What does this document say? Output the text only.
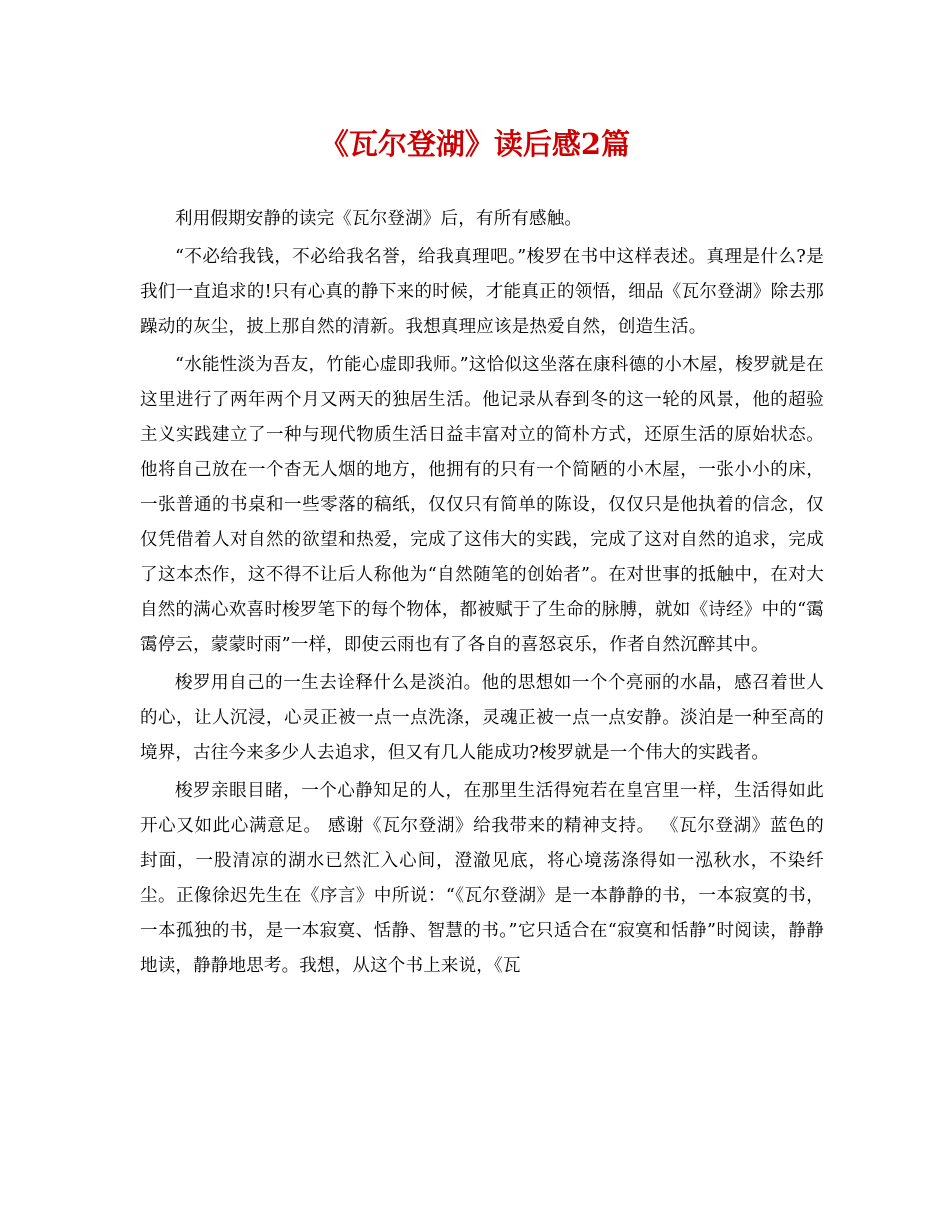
《瓦尔登湖》读后感2篇

利用假期安静的读完《瓦尔登湖》后，有所有感触。

“不必给我钱，不必给我名誉，给我真理吧。”梭罗在书中这样表述。真理是什么?是我们一直追求的!只有心真的静下来的时候，才能真正的领悟，细品《瓦尔登湖》除去那躁动的灰尘，披上那自然的清新。我想真理应该是热爱自然，创造生活。

“水能性淡为吾友，竹能心虚即我师。”这恰似这坐落在康科德的小木屋，梭罗就是在这里进行了两年两个月又两天的独居生活。他记录从春到冬的这一轮的风景，他的超验主义实践建立了一种与现代物质生活日益丰富对立的简朴方式，还原生活的原始状态。他将自己放在一个杳无人烟的地方，他拥有的只有一个简陋的小木屋，一张小小的床，一张普通的书桌和一些零落的稿纸，仅仅只有简单的陈设，仅仅只是他执着的信念，仅仅凭借着人对自然的欲望和热爱，完成了这伟大的实践，完成了这对自然的追求，完成了这本杰作，这不得不让后人称他为“自然随笔的创始者”。在对世事的抵触中，在对大自然的满心欢喜时梭罗笔下的每个物体，都被赋于了生命的脉膊，就如《诗经》中的“霭霭停云，蒙蒙时雨”一样，即使云雨也有了各自的喜怒哀乐，作者自然沉醉其中。

梭罗用自己的一生去诠释什么是淡泊。他的思想如一个个亮丽的水晶，感召着世人的心，让人沉浸，心灵正被一点一点洗涤，灵魂正被一点一点安静。淡泊是一种至高的境界，古往今来多少人去追求，但又有几人能成功?梭罗就是一个伟大的实践者。

梭罗亲眼目睹，一个心静知足的人，在那里生活得宛若在皇宫里一样，生活得如此开心又如此心满意足。 感谢《瓦尔登湖》给我带来的精神支持。 《瓦尔登湖》蓝色的封面，一股清凉的湖水已然汇入心间，澄澈见底，将心境荡涤得如一泓秋水，不染纤尘。正像徐迟先生在《序言》中所说：“《瓦尔登湖》是一本静静的书，一本寂寞的书，一本孤独的书，是一本寂寞、恬静、智慧的书。”它只适合在“寂寞和恬静”时阅读，静静地读，静静地思考。我想，从这个书上来说，《瓦
